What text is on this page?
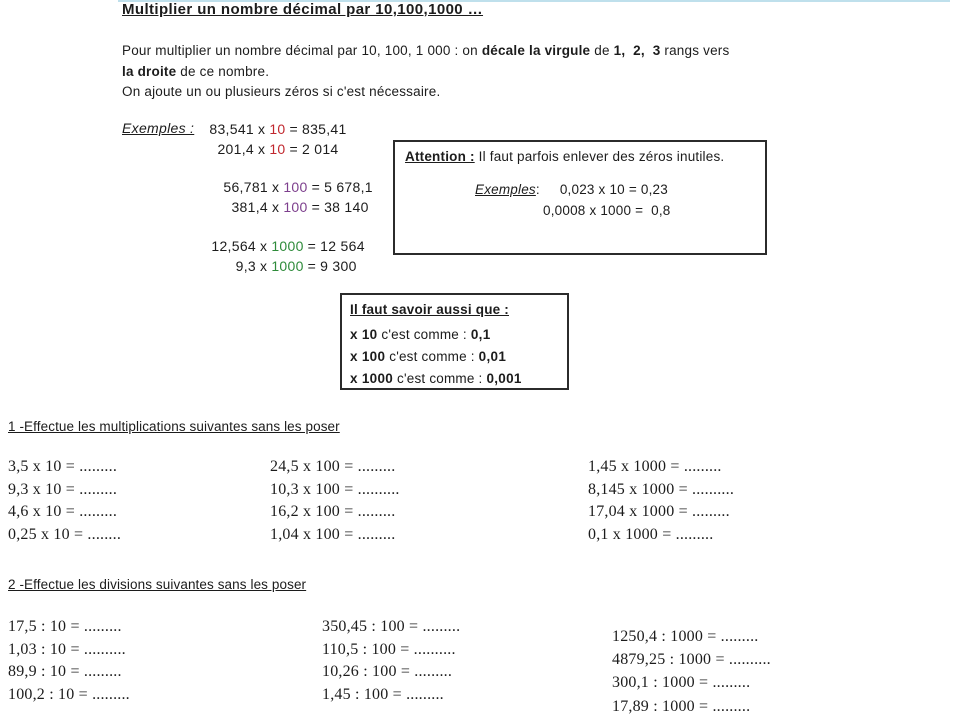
Multiplier un nombre décimal par 10,100,1000 …
Pour multiplier un nombre décimal par 10, 100, 1 000 : on décale la virgule de 1,  2,  3 rangs vers
la droite de ce nombre.
On ajoute un ou plusieurs zéros si c'est nécessaire.
Exemples :	83,541 x 10 = 835,41
201,4 x 10 = 2 014
56,781 x 100 = 5 678,1
381,4 x 100 = 38 140
12,564 x 1000 = 12 564
9,3 x 1000 = 9 300
Attention : Il faut parfois enlever des zéros inutiles.
Exemples: 0,023 x 10 = 0,23
0,0008 x 1000 =  0,8
Il faut savoir aussi que :
x 10 c'est comme : 0,1
x 100 c'est comme : 0,01
x 1000 c'est comme : 0,001
1 -Effectue les multiplications suivantes sans les poser
3,5 x 10 = .........
9,3 x 10 = .........
4,6 x 10 = .........
0,25 x 10 = ........
24,5 x 100 = .........
10,3 x 100 = ..........
16,2 x 100 = .........
1,04 x 100 = .........
1,45 x 1000 = .........
8,145 x 1000 = ..........
17,04 x 1000 = .........
0,1 x 1000 = .........
2 -Effectue les divisions suivantes sans les poser
17,5 : 10 = .........
1,03 : 10 = ..........
89,9 : 10 = .........
100,2 : 10 = .........
350,45 : 100 = .........
110,5 : 100 = ..........
10,26 : 100 = .........
1,45 : 100 = .........
1250,4 : 1000 = .........
4879,25 : 1000 = ..........
300,1 : 1000 = .........
17,89 : 1000 = .........
